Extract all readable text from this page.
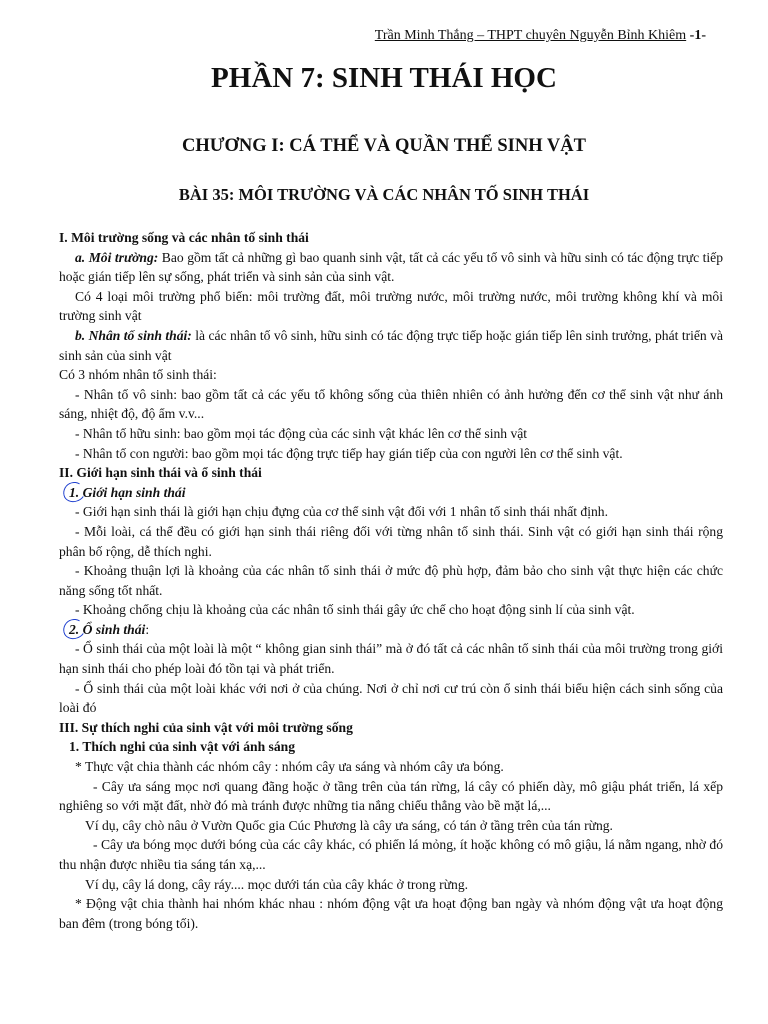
Trần Minh Thắng – THPT chuyên Nguyễn Bỉnh Khiêm -1-
PHẦN 7: SINH THÁI HỌC
CHƯƠNG I: CÁ THỂ VÀ QUẦN THỂ SINH VẬT
BÀI 35: MÔI TRƯỜNG VÀ CÁC NHÂN TỐ SINH THÁI

I. Môi trường sống và các nhân tố sinh thái

a. Môi trường: Bao gồm tất cả những gì bao quanh sinh vật, tất cả các yếu tố vô sinh và hữu sinh có tác động trực tiếp hoặc gián tiếp lên sự sống, phát triển và sinh sản của sinh vật.

Có 4 loại môi trường phổ biến: môi trường đất, môi trường nước, môi trường nước, môi trường không khí và môi trường sinh vật

b. Nhân tố sinh thái: là các nhân tố vô sinh, hữu sinh có tác động trực tiếp hoặc gián tiếp lên sinh trưởng, phát triển và sinh sản của sinh vật

Có 3 nhóm nhân tố sinh thái:

- Nhân tố vô sinh: bao gồm tất cả các yếu tố không sống của thiên nhiên có ảnh hưởng đến cơ thể sinh vật như ánh sáng, nhiệt độ, độ ẩm v.v...

- Nhân tố hữu sinh: bao gồm mọi tác động của các sinh vật khác lên cơ thể sinh vật

- Nhân tố con người: bao gồm mọi tác động trực tiếp hay gián tiếp của con người lên cơ thể sinh vật.

II. Giới hạn sinh thái và ổ sinh thái

1. Giới hạn sinh thái

- Giới hạn sinh thái là giới hạn chịu đựng của cơ thể sinh vật đối với 1 nhân tố sinh thái nhất định.

- Mỗi loài, cá thể đều có giới hạn sinh thái riêng đối với từng nhân tố sinh thái. Sinh vật có giới hạn sinh thái rộng phân bố rộng, dễ thích nghi.

- Khoảng thuận lợi là khoảng của các nhân tố sinh thái ở mức độ phù hợp, đảm bảo cho sinh vật thực hiện các chức năng sống tốt nhất.

- Khoảng chống chịu là khoảng của các nhân tố sinh thái gây ức chế cho hoạt động sinh lí của sinh vật.

2. Ổ sinh thái:

- Ổ sinh thái của một loài là một “ không gian sinh thái” mà ở đó tất cả các nhân tố sinh thái của môi trường trong giới hạn sinh thái cho phép loài đó tồn tại và phát triển.

- Ổ sinh thái của một loài khác với nơi ở của chúng. Nơi ở chỉ nơi cư trú còn ổ sinh thái biểu hiện cách sinh sống của loài đó

III. Sự thích nghi của sinh vật với môi trường sống

1. Thích nghi của sinh vật với ánh sáng

* Thực vật chia thành các nhóm cây : nhóm cây ưa sáng và nhóm cây ưa bóng.

- Cây ưa sáng mọc nơi quang đãng hoặc ở tầng trên của tán rừng, lá cây có phiến dày, mô giậu phát triển, lá xếp nghiêng so với mặt đất, nhờ đó mà tránh được những tia nắng chiếu thẳng vào bề mặt lá,...

Ví dụ, cây chò nâu ở Vườn Quốc gia Cúc Phương là cây ưa sáng, có tán ở tầng trên của tán rừng.

- Cây ưa bóng mọc dưới bóng của các cây khác, có phiến lá mỏng, ít hoặc không có mô giậu, lá nằm ngang, nhờ đó thu nhận được nhiều tia sáng tán xạ,...

Ví dụ, cây lá dong, cây ráy.... mọc dưới tán của cây khác ở trong rừng.

* Động vật chia thành hai nhóm khác nhau : nhóm động vật ưa hoạt động ban ngày và nhóm động vật ưa hoạt động ban đêm (trong bóng tối).
